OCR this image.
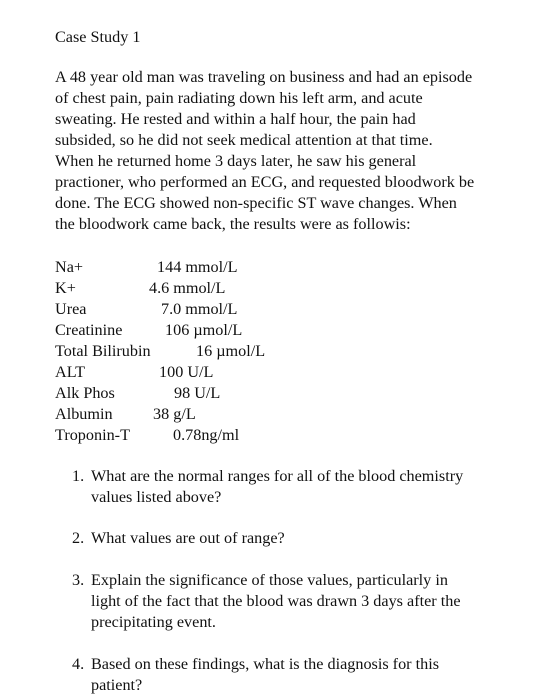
Case Study 1
A 48 year old man was traveling on business and had an episode
of chest pain, pain radiating down his left arm, and acute
sweating. He rested and within a half hour, the pain had
subsided, so he did not seek medical attention at that time.
When he returned home 3 days later, he saw his general
practioner, who performed an ECG, and requested bloodwork be
done. The ECG showed non-specific ST wave changes. When
the bloodwork came back, the results were as followis:
Na+	144 mmol/L
K+	4.6 mmol/L
Urea	7.0 mmol/L
Creatinine	106 µmol/L
Total Bilirubin	16 µmol/L
ALT	100 U/L
Alk Phos	98 U/L
Albumin 38 g/L
Troponin-T	0.78ng/ml
1. What are the normal ranges for all of the blood chemistry
values listed above?
2. What values are out of range?
3. Explain the significance of those values, particularly in
light of the fact that the blood was drawn 3 days after the
precipitating event.
4. Based on these findings, what is the diagnosis for this
patient?
